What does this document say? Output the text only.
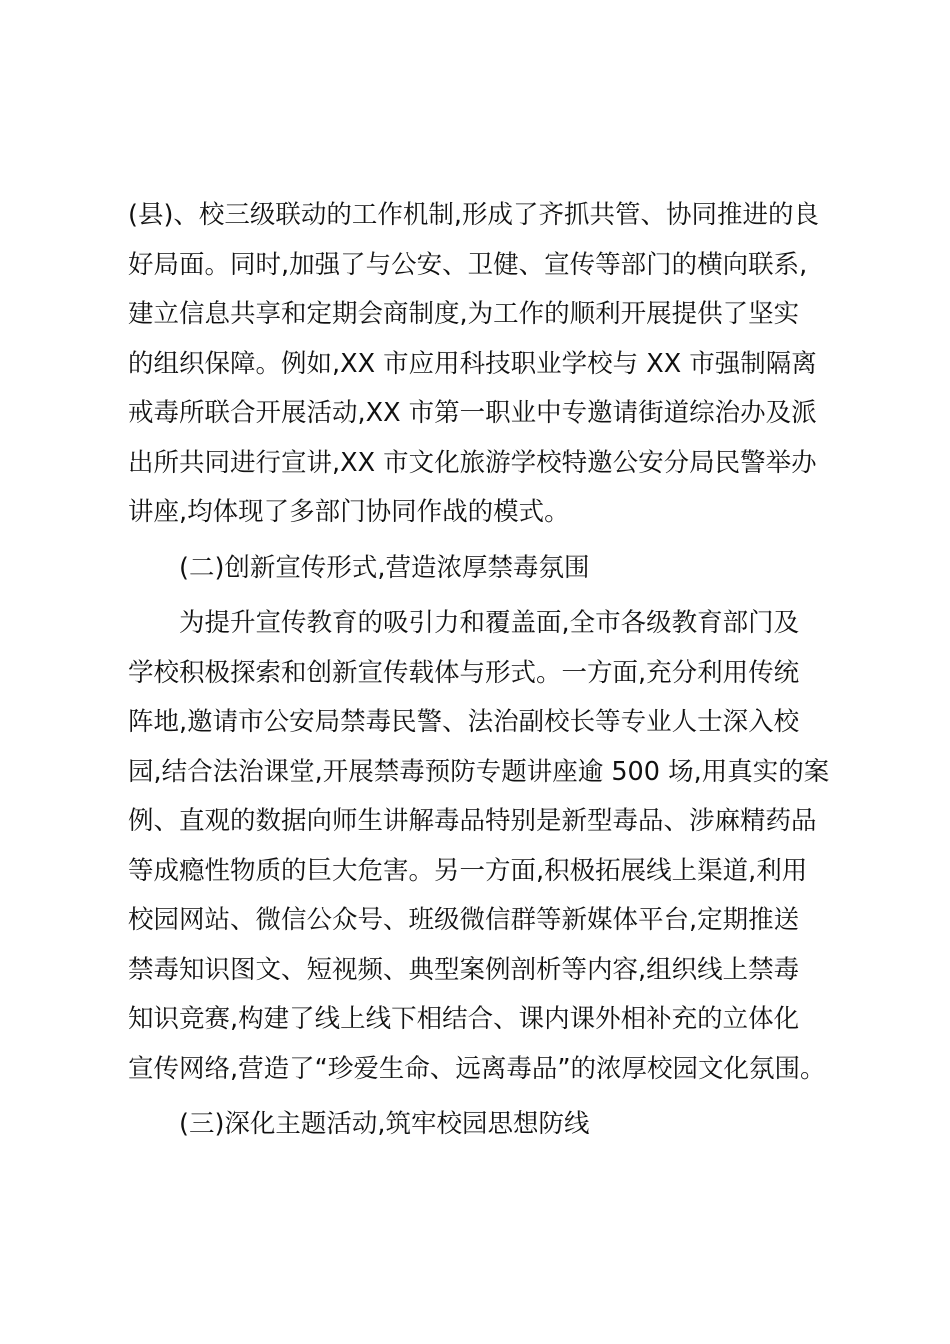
(县)、校三级联动的工作机制,形成了齐抓共管、协同推进的良
好局面。同时,加强了与公安、卫健、宣传等部门的横向联系,
建立信息共享和定期会商制度,为工作的顺利开展提供了坚实
的组织保障。例如,XX 市应用科技职业学校与 XX 市强制隔离
戒毒所联合开展活动,XX 市第一职业中专邀请街道综治办及派
出所共同进行宣讲,XX 市文化旅游学校特邀公安分局民警举办
讲座,均体现了多部门协同作战的模式。
(二)创新宣传形式,营造浓厚禁毒氛围
为提升宣传教育的吸引力和覆盖面,全市各级教育部门及
学校积极探索和创新宣传载体与形式。一方面,充分利用传统
阵地,邀请市公安局禁毒民警、法治副校长等专业人士深入校
园,结合法治课堂,开展禁毒预防专题讲座逾 500 场,用真实的案
例、直观的数据向师生讲解毒品特别是新型毒品、涉麻精药品
等成瘾性物质的巨大危害。另一方面,积极拓展线上渠道,利用
校园网站、微信公众号、班级微信群等新媒体平台,定期推送
禁毒知识图文、短视频、典型案例剖析等内容,组织线上禁毒
知识竞赛,构建了线上线下相结合、课内课外相补充的立体化
宣传网络,营造了“珍爱生命、远离毒品”的浓厚校园文化氛围。
(三)深化主题活动,筑牢校园思想防线
